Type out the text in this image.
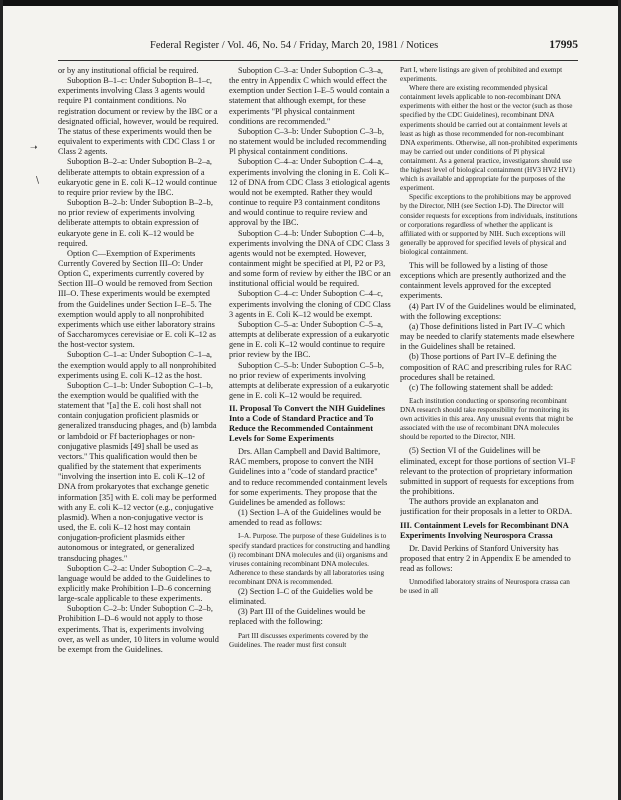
Federal Register / Vol. 46, No. 54 / Friday, March 20, 1981 / Notices	17995
➝
\

or by any institutional official be required.

Suboption B–1–c: Under Suboption B–1–c, experiments involving Class 3 agents would require P1 containment conditions. No registration document or review by the IBC or a designated official, however, would be required. The status of these experiments would then be equivalent to experiments with CDC Class 1 or Class 2 agents.

Suboption B–2–a: Under Suboption B–2–a, deliberate attempts to obtain expression of a eukaryotic gene in E. coli K–12 would continue to require prior review by the IBC.

Suboption B–2–b: Under Suboption B–2–b, no prior review of experiments involving deliberate attempts to obtain expression of eukaryote gene in E. coli K–12 would be required.

Option C—Exemption of Experiments Currently Covered by Section III–O: Under Option C, experiments currently covered by Section III–O would be removed from Section III–O. These experiments would be exempted from the Guidelines under Section I–E–5. The exemption would apply to all nonprohibited experiments which use either laboratory strains of Saccharomyces cerevisiae or E. coli K–12 as the host-vector system.

Suboption C–1–a: Under Suboption C–1–a, the exemption would apply to all nonprohibited experiments using E. coli K–12 as the host.

Suboption C–1–b: Under Suboption C–1–b, the exemption would be qualified with the statement that "[a] the E. coli host shall not contain conjugation proficient plasmids or generalized transducing phages, and (b) lambda or lambdoid or Ff bacteriophages or non-conjugative plasmids [49] shall be used as vectors." This qualification would then be qualified by the statement that experiments "involving the insertion into E. coli K–12 of DNA from prokaryotes that exchange genetic information [35] with E. coli may be performed with any E. coli K–12 vector (e.g., conjugative plasmid). When a non-conjugative vector is used, the E. coli K–12 host may contain conjugation-proficient plasmids either autonomous or integrated, or generalized transducing phages."

Suboption C–2–a: Under Suboption C–2–a, language would be added to the Guidelines to explicitly make Prohibition I–D–6 concerning large-scale applicable to these experiments.

Suboption C–2–b: Under Suboption C–2–b, Prohibition I–D–6 would not apply to those experiments. That is, experiments involving over, as well as under, 10 liters in volume would be exempt from the Guidelines.

Suboption C–3–a: Under Suboption C–3–a, the entry in Appendix C which would effect the exemption under Section I–E–5 would contain a statement that although exempt, for these experiments "Pl physical containment conditions are recommended."

Suboption C–3–b: Under Suboption C–3–b, no statement would be included recommending Pl physical containment conditions.

Suboption C–4–a: Under Suboption C–4–a, experiments involving the cloning in E. Coli K–12 of DNA from CDC Class 3 etiological agents would not be exempted. Rather they would continue to require P3 containment conditons and would continue to require review and approval by the IBC.

Suboption C–4–b: Under Suboption C–4–b, experiments involving the DNA of CDC Class 3 agents would not be exempted. However, containment might be specified at Pl, P2 or P3, and some form of review by either the IBC or an institutional official would be required.

Suboption C–4–c: Under Suboption C–4–c, experiments involving the cloning of CDC Class 3 agents in E. Coli K–12 would be exempt.

Suboption C–5–a: Under Suboption C–5–a, attempts at deliberate expression of a eukaryotic gene in E. coli K–12 would continue to require prior review by the IBC.

Suboption C–5–b: Under Suboption C–5–b, no prior review of experiments involving attempts at deliberate expression of a eukaryotic gene in E. coli K–12 would be required.

II. Proposal To Convert the NIH Guidelines Into a Code of Standard Practice and To Reduce the Recommended Containment Levels for Some Experiments

Drs. Allan Campbell and David Baltimore, RAC members, propose to convert the NIH Guidelines into a "code of standard practice" and to reduce recommended containment levels for some experiments. They propose that the Guidelines be amended as follows:

(1) Section I–A of the Guidelines would be amended to read as follows:

I–A. Purpose. The purpose of these Guidelines is to specify standard practices for constructing and handling (i) recombinant DNA molecules and (ii) organisms and viruses containing recombinant DNA molecules. Adherence to these standards by all laboratories using recombinant DNA is recommended.

(2) Section I–C of the Guidelies wold be eliminated.

(3) Part III of the Guidelines would be replaced with the following:

Part III discusses experiments covered by the Guidelines. The reader must first consult

Part I, where listings are given of prohibited and exempt experiments.

Where there are existing recommended physical containment levels applicable to non-recombinant DNA experiments with either the host or the vector (such as those specified by the CDC Guidelines), recombinant DNA experiments should be carried out at containment levels at least as high as those recommended for non-recombinant DNA experiments. Otherwise, all non-prohibited experiments may be carried out under conditions of Pl physical containment. As a general practice, investigators should use the highest level of biological containment (HV3 HV2 HV1) which is available and appropriate for the purposes of the experiment.

Specific exceptions to the prohibitions may be approved by the Director, NIH (see Section I-D). The Director will consider requests for exceptions from individuals, institutions or corporations regardless of whether the applicant is affiliated with or supported by NIH. Such exceptions will generally be approved for specified levels of physical and biological containment.

This will be followed by a listing of those exceptions which are presently authorized and the containment levels approved for the excepted experiments.

(4) Part IV of the Guidelines would be eliminated, with the following exceptions:

(a) Those definitions listed in Part IV–C which may be needed to clarify statements made elsewhere in the Guidelines shall be retained.

(b) Those portions of Part IV–E defining the composition of RAC and prescribing rules for RAC procedures shall be retained.

(c) The following statement shall be added:

Each institution conducting or sponsoring recombinant DNA research should take responsibility for monitoring its own activities in this area. Any unusual events that might be associated with the use of recombinant DNA molecules should be reported to the Director, NIH.

(5) Section VI of the Guidelines will be eliminated, except for those portions of section VI–F relevant to the protection of proprietary information submitted in support of requests for exceptions from the prohibitions.

The authors provide an explanaton and justification for their proposals in a letter to ORDA.

III. Containment Levels for Recombinant DNA Experiments Involving Neurospora Crassa

Dr. David Perkins of Stanford University has proposed that entry 2 in Appendix E be amended to read as follows:

Unmodified laboratory strains of Neurospora crassa can be used in all
